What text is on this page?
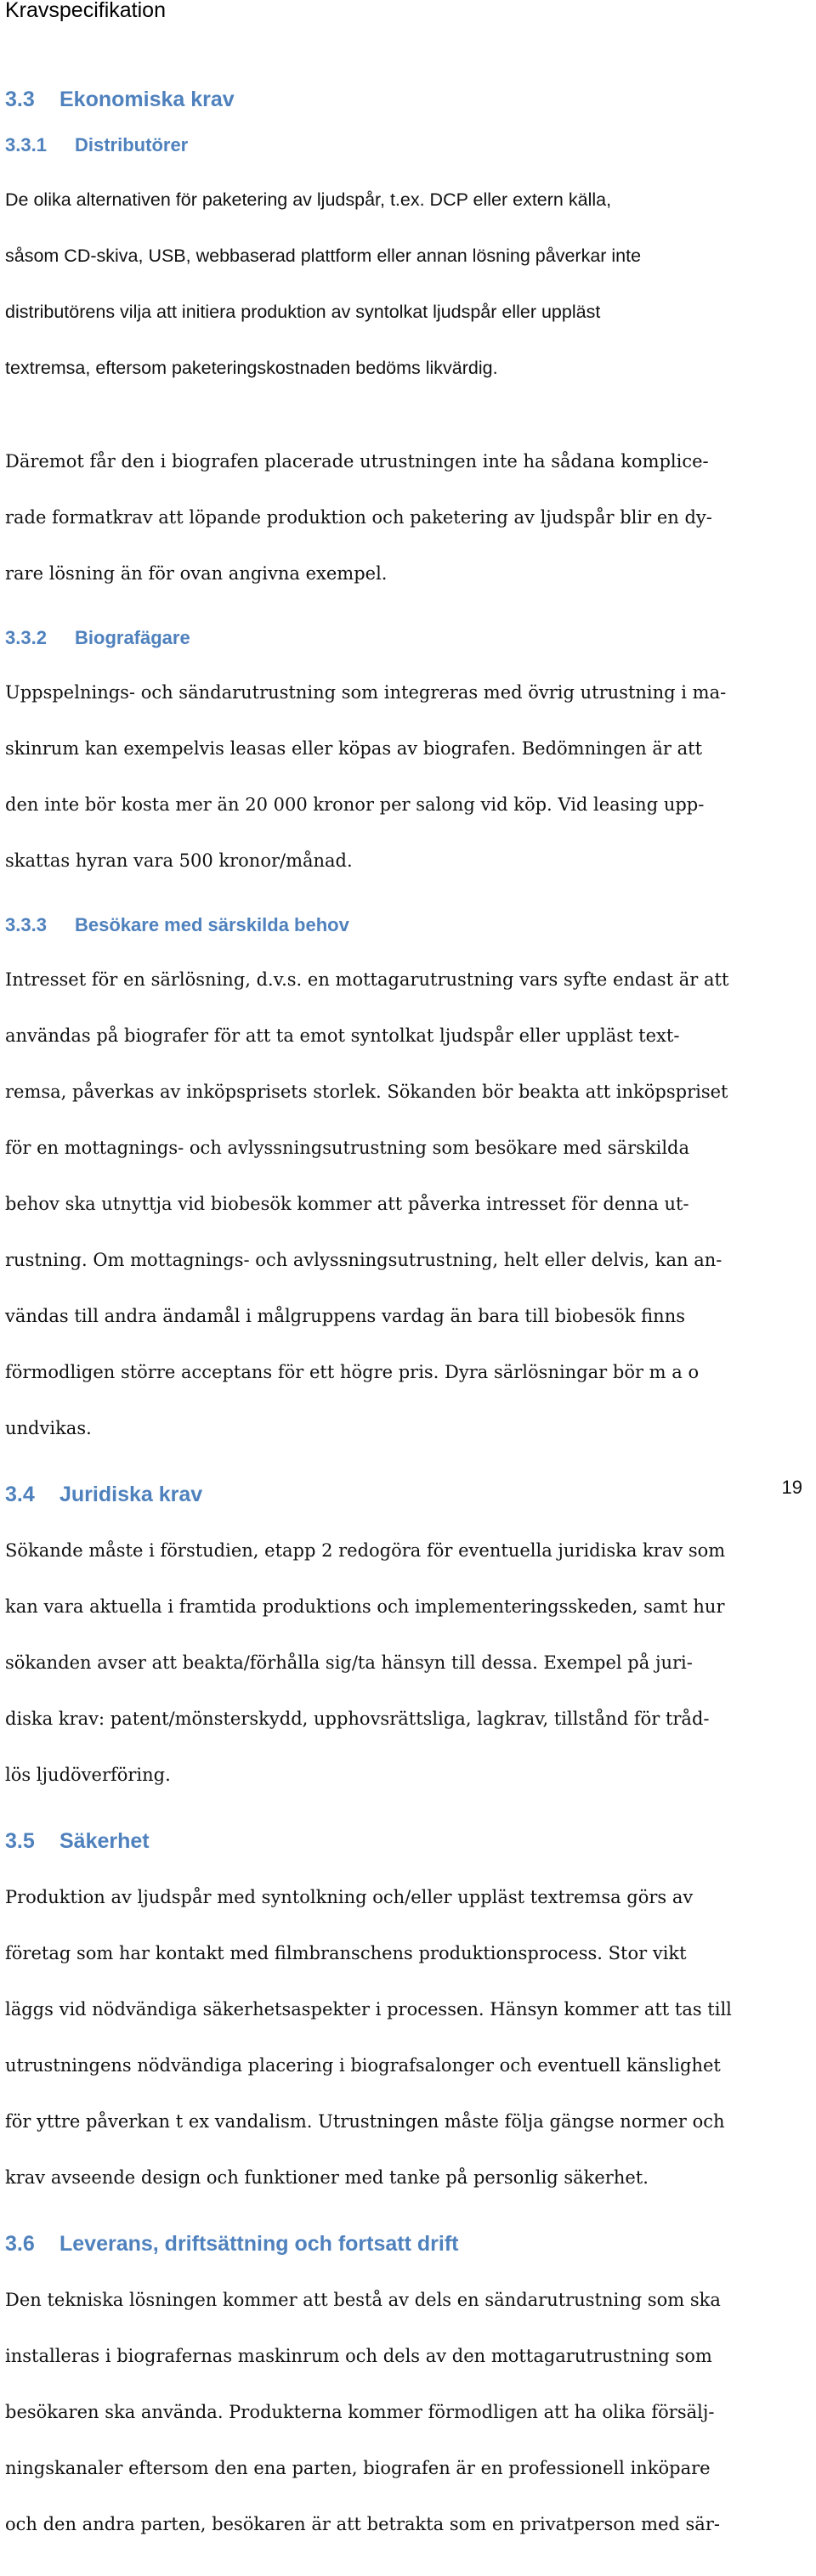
Kravspecifikation
3.3 Ekonomiska krav
3.3.1 Distributörer

De olika alternativen för paketering av ljudspår, t.ex. DCP eller extern källa,

såsom CD-skiva, USB, webbaserad plattform eller annan lösning påverkar inte

distributörens vilja att initiera produktion av syntolkat ljudspår eller uppläst

textremsa, eftersom paketeringskostnaden bedöms likvärdig.

Däremot får den i biografen placerade utrustningen inte ha sådana komplice-

rade formatkrav att löpande produktion och paketering av ljudspår blir en dy-

rare lösning än för ovan angivna exempel.

3.3.2 Biografägare

Uppspelnings- och sändarutrustning som integreras med övrig utrustning i ma-

skinrum kan exempelvis leasas eller köpas av biografen. Bedömningen är att

den inte bör kosta mer än 20 000 kronor per salong vid köp. Vid leasing upp-

skattas hyran vara 500 kronor/månad.

3.3.3 Besökare med särskilda behov

Intresset för en särlösning, d.v.s. en mottagarutrustning vars syfte endast är att

användas på biografer för att ta emot syntolkat ljudspår eller uppläst text-

remsa, påverkas av inköpsprisets storlek. Sökanden bör beakta att inköpspriset

för en mottagnings- och avlyssningsutrustning som besökare med särskilda

behov ska utnyttja vid biobesök kommer att påverka intresset för denna ut-

rustning. Om mottagnings- och avlyssningsutrustning, helt eller delvis, kan an-

vändas till andra ändamål i målgruppens vardag än bara till biobesök finns

förmodligen större acceptans för ett högre pris. Dyra särlösningar bör m a o

undvikas.

3.4 Juridiska krav

Sökande måste i förstudien, etapp 2 redogöra för eventuella juridiska krav som

kan vara aktuella i framtida produktions och implementeringsskeden, samt hur

sökanden avser att beakta/förhålla sig/ta hänsyn till dessa. Exempel på juri-

diska krav: patent/mönsterskydd, upphovsrättsliga, lagkrav, tillstånd för tråd-

lös ljudöverföring.

3.5 Säkerhet

Produktion av ljudspår med syntolkning och/eller uppläst textremsa görs av

företag som har kontakt med filmbranschens produktionsprocess. Stor vikt

läggs vid nödvändiga säkerhetsaspekter i processen. Hänsyn kommer att tas till

utrustningens nödvändiga placering i biografsalonger och eventuell känslighet

för yttre påverkan t ex vandalism. Utrustningen måste följa gängse normer och

krav avseende design och funktioner med tanke på personlig säkerhet.

3.6 Leverans, driftsättning och fortsatt drift

Den tekniska lösningen kommer att bestå av dels en sändarutrustning som ska

installeras i biografernas maskinrum och dels av den mottagarutrustning som

besökaren ska använda. Produkterna kommer förmodligen att ha olika försälj-

ningskanaler eftersom den ena parten, biografen är en professionell inköpare

och den andra parten, besökaren är att betrakta som en privatperson med sär-

19
